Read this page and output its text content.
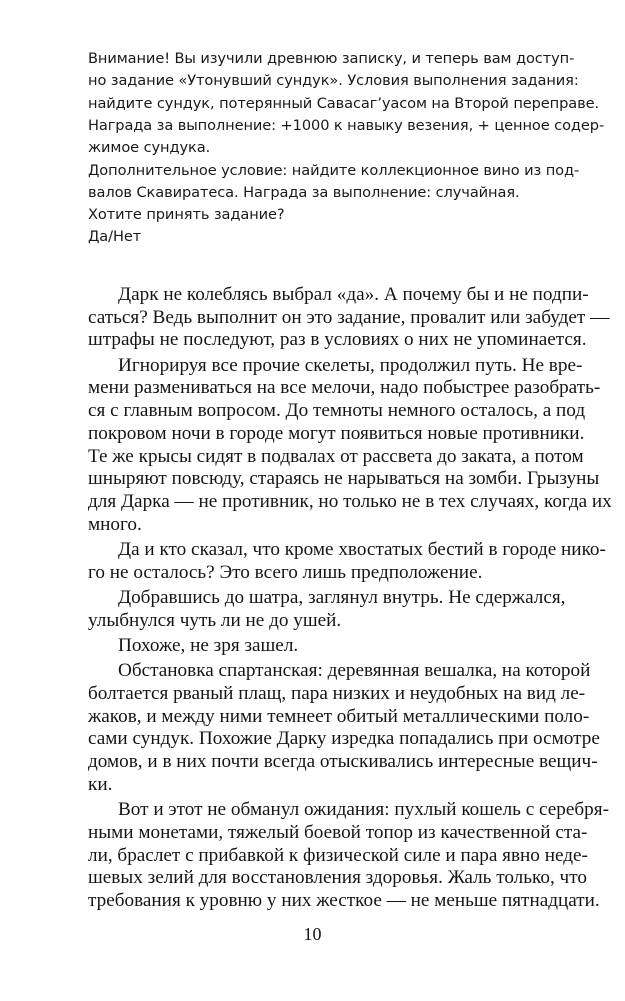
Внимание! Вы изучили древнюю записку, и теперь вам доступ-
но задание «Утонувший сундук». Условия выполнения задания:
найдите сундук, потерянный Савасаг’уасом на Второй переправе.
Награда за выполнение: +1000 к навыку везения, + ценное содер-
жимое сундука.
Дополнительное условие: найдите коллекционное вино из под-
валов Скавиратеса. Награда за выполнение: случайная.
Хотите принять задание?
Да/Нет
Дарк не колеблясь выбрал «да». А почему бы и не подпи-
саться? Ведь выполнит он это задание, провалит или забудет —
штрафы не последуют, раз в условиях о них не упоминается.
Игнорируя все прочие скелеты, продолжил путь. Не вре-
мени размениваться на все мелочи, надо побыстрее разобрать-
ся с главным вопросом. До темноты немного осталось, а под
покровом ночи в городе могут появиться новые противники.
Те же крысы сидят в подвалах от рассвета до заката, а потом
шныряют повсюду, стараясь не нарываться на зомби. Грызуны
для Дарка — не противник, но только не в тех случаях, когда их
много.
Да и кто сказал, что кроме хвостатых бестий в городе нико-
го не осталось? Это всего лишь предположение.
Добравшись до шатра, заглянул внутрь. Не сдержался,
улыбнулся чуть ли не до ушей.
Похоже, не зря зашел.
Обстановка спартанская: деревянная вешалка, на которой
болтается рваный плащ, пара низких и неудобных на вид ле-
жаков, и между ними темнеет обитый металлическими поло-
сами сундук. Похожие Дарку изредка попадались при осмотре
домов, и в них почти всегда отыскивались интересные вещич-
ки.
Вот и этот не обманул ожидания: пухлый кошель с серебря-
ными монетами, тяжелый боевой топор из качественной ста-
ли, браслет с прибавкой к физической силе и пара явно неде-
шевых зелий для восстановления здоровья. Жаль только, что
требования к уровню у них жесткое — не меньше пятнадцати.
10
